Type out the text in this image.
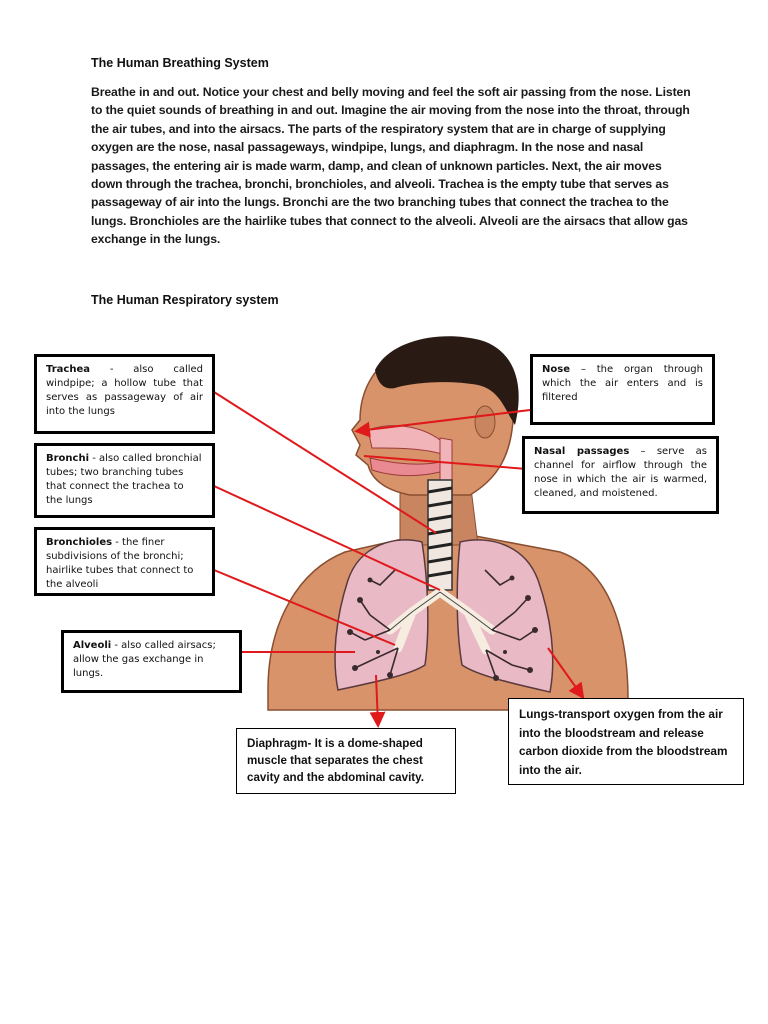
The Human Breathing System

Breathe in and out. Notice your chest and belly moving and feel the soft air passing from the nose. Listen to the quiet sounds of breathing in and out. Imagine the air moving from the nose into the throat, through the air tubes, and into the airsacs. The parts of the respiratory system that are in charge of supplying oxygen are the nose, nasal passageways, windpipe, lungs, and diaphragm. In the nose and nasal passages, the entering air is made warm, damp, and clean of unknown particles. Next, the air moves down through the trachea, bronchi, bronchioles, and alveoli. Trachea is the empty tube that serves as passageway of air into the lungs. Bronchi are the two branching tubes that connect the trachea to the lungs. Bronchioles are the hairlike tubes that connect to the alveoli. Alveoli are the airsacs that allow gas exchange in the lungs.

The Human Respiratory system
Trachea - also called windpipe; a hollow tube that serves as passageway of air into the lungs
Bronchi - also called bronchial tubes; two branching tubes that connect the trachea to the lungs
Bronchioles - the finer subdivisions of the bronchi; hairlike tubes that connect to the alveoli
Alveoli - also called airsacs; allow the gas exchange in lungs.
Nose – the organ through which the air enters and is filtered
Nasal passages – serve as channel for airflow through the nose in which the air is warmed, cleaned, and moistened.
Diaphragm- It is a dome-shaped muscle that separates the chest cavity and the abdominal cavity.
Lungs-transport oxygen from the air into the bloodstream and release carbon dioxide from the bloodstream into the air.
